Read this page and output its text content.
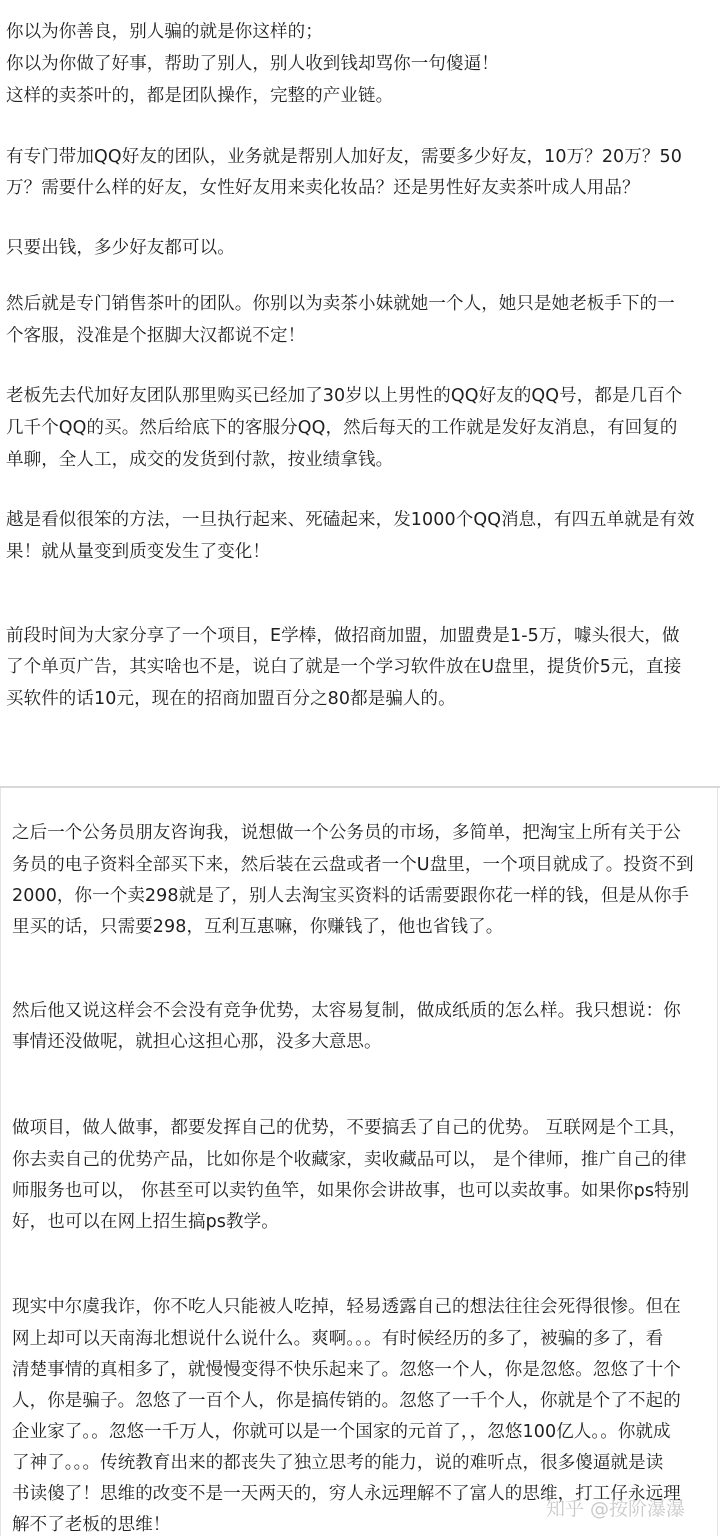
你以为你善良，别人骗的就是你这样的；
你以为你做了好事，帮助了别人，别人收到钱却骂你一句傻逼！
这样的卖茶叶的，都是团队操作，完整的产业链。
有专门带加QQ好友的团队，业务就是帮别人加好友，需要多少好友，10万？20万？50
万？需要什么样的好友，女性好友用来卖化妆品？还是男性好友卖茶叶成人用品？
只要出钱，多少好友都可以。
然后就是专门销售茶叶的团队。你别以为卖茶小妹就她一个人，她只是她老板手下的一
个客服，没准是个抠脚大汉都说不定！
老板先去代加好友团队那里购买已经加了30岁以上男性的QQ好友的QQ号，都是几百个
几千个QQ的买。然后给底下的客服分QQ，然后每天的工作就是发好友消息，有回复的
单聊，全人工，成交的发货到付款，按业绩拿钱。
越是看似很笨的方法，一旦执行起来、死磕起来，发1000个QQ消息，有四五单就是有效
果！就从量变到质变发生了变化！
前段时间为大家分享了一个项目，E学棒，做招商加盟，加盟费是1-5万，噱头很大，做
了个单页广告，其实啥也不是，说白了就是一个学习软件放在U盘里，提货价5元，直接
买软件的话10元，现在的招商加盟百分之80都是骗人的。
之后一个公务员朋友咨询我，说想做一个公务员的市场，多简单，把淘宝上所有关于公
务员的电子资料全部买下来，然后装在云盘或者一个U盘里，一个项目就成了。投资不到
2000，你一个卖298就是了，别人去淘宝买资料的话需要跟你花一样的钱，但是从你手
里买的话，只需要298，互利互惠嘛，你赚钱了，他也省钱了。
然后他又说这样会不会没有竞争优势，太容易复制，做成纸质的怎么样。我只想说：你
事情还没做呢，就担心这担心那，没多大意思。
做项目，做人做事，都要发挥自己的优势，不要搞丢了自己的优势。 互联网是个工具，
你去卖自己的优势产品，比如你是个收藏家，卖收藏品可以， 是个律师，推广自己的律
师服务也可以， 你甚至可以卖钓鱼竿，如果你会讲故事，也可以卖故事。如果你ps特别
好，也可以在网上招生搞ps教学。
现实中尔虞我诈，你不吃人只能被人吃掉，轻易透露自己的想法往往会死得很惨。但在
网上却可以天南海北想说什么说什么。爽啊。。。有时候经历的多了，被骗的多了，看
清楚事情的真相多了，就慢慢变得不快乐起来了。忽悠一个人，你是忽悠。忽悠了十个
人，你是骗子。忽悠了一百个人，你是搞传销的。忽悠了一千个人，你就是个了不起的
企业家了。。忽悠一千万人，你就可以是一个国家的元首了，，忽悠100亿人。。你就成
了神了。。。传统教育出来的都丧失了独立思考的能力，说的难听点，很多傻逼就是读
书读傻了！思维的改变不是一天两天的，穷人永远理解不了富人的思维，打工仔永远理
解不了老板的思维！
知乎 @按阶瀑瀑
